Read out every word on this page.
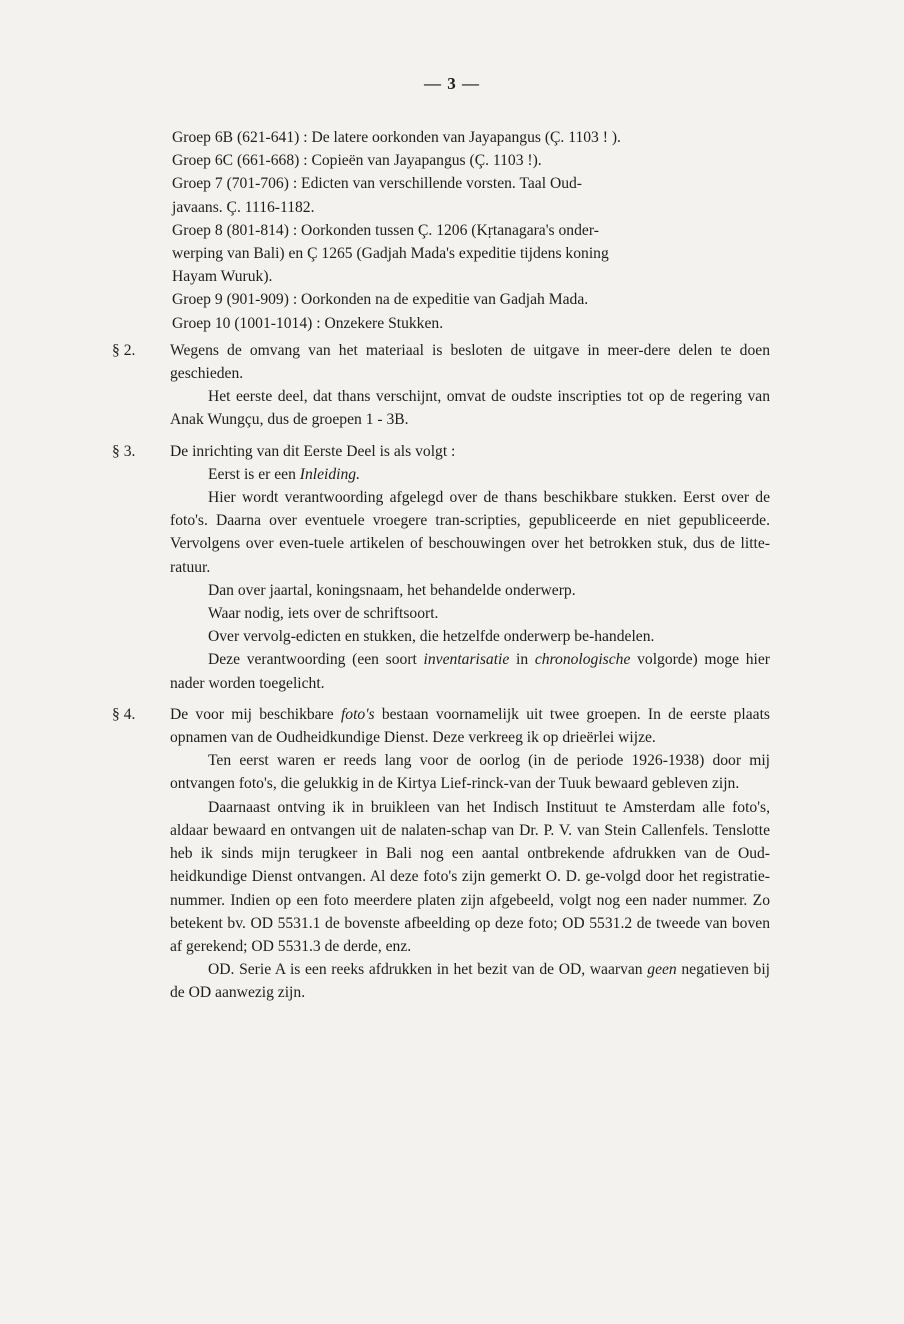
— 3 —
Groep 6B (621-641) : De latere oorkonden van Jayapangus (Ç. 1103 ! ).
Groep 6C (661-668) : Copieën van Jayapangus (Ç. 1103 !).
Groep 7 (701-706) : Edicten van verschillende vorsten. Taal Oud-
javaans. Ç. 1116-1182.
Groep 8 (801-814) : Oorkonden tussen Ç. 1206 (Kṛtanagara's onder-
werping van Bali) en Ç 1265 (Gadjah Mada's expeditie tijdens koning
Hayam Wuruk).
Groep 9 (901-909) : Oorkonden na de expeditie van Gadjah Mada.
Groep 10 (1001-1014) : Onzekere Stukken.
§ 2.	Wegens de omvang van het materiaal is besloten de uitgave in meer-dere delen te doen geschieden.

Het eerste deel, dat thans verschijnt, omvat de oudste inscripties tot op de regering van Anak Wungçu, dus de groepen 1 - 3B.

§ 3.	De inrichting van dit Eerste Deel is als volgt :

Eerst is er een Inleiding.

Hier wordt verantwoording afgelegd over de thans beschikbare stukken. Eerst over de foto's. Daarna over eventuele vroegere tran-scripties, gepubliceerde en niet gepubliceerde. Vervolgens over even-tuele artikelen of beschouwingen over het betrokken stuk, dus de litte-ratuur.

Dan over jaartal, koningsnaam, het behandelde onderwerp.

Waar nodig, iets over de schriftsoort.

Over vervolg-edicten en stukken, die hetzelfde onderwerp be-handelen.

Deze verantwoording (een soort inventarisatie in chronologische volgorde) moge hier nader worden toegelicht.

§ 4.	De voor mij beschikbare foto's bestaan voornamelijk uit twee groepen. In de eerste plaats opnamen van de Oudheidkundige Dienst. Deze verkreeg ik op drieërlei wijze.

Ten eerst waren er reeds lang voor de oorlog (in de periode 1926-1938) door mij ontvangen foto's, die gelukkig in de Kirtya Lief-rinck-van der Tuuk bewaard gebleven zijn.

Daarnaast ontving ik in bruikleen van het Indisch Instituut te Amsterdam alle foto's, aldaar bewaard en ontvangen uit de nalaten-schap van Dr. P. V. van Stein Callenfels. Tenslotte heb ik sinds mijn terugkeer in Bali nog een aantal ontbrekende afdrukken van de Oud-heidkundige Dienst ontvangen. Al deze foto's zijn gemerkt O. D. ge-volgd door het registratie-nummer. Indien op een foto meerdere platen zijn afgebeeld, volgt nog een nader nummer. Zo betekent bv. OD 5531.1 de bovenste afbeelding op deze foto; OD 5531.2 de tweede van boven af gerekend; OD 5531.3 de derde, enz.

OD. Serie A is een reeks afdrukken in het bezit van de OD, waarvan geen negatieven bij de OD aanwezig zijn.
